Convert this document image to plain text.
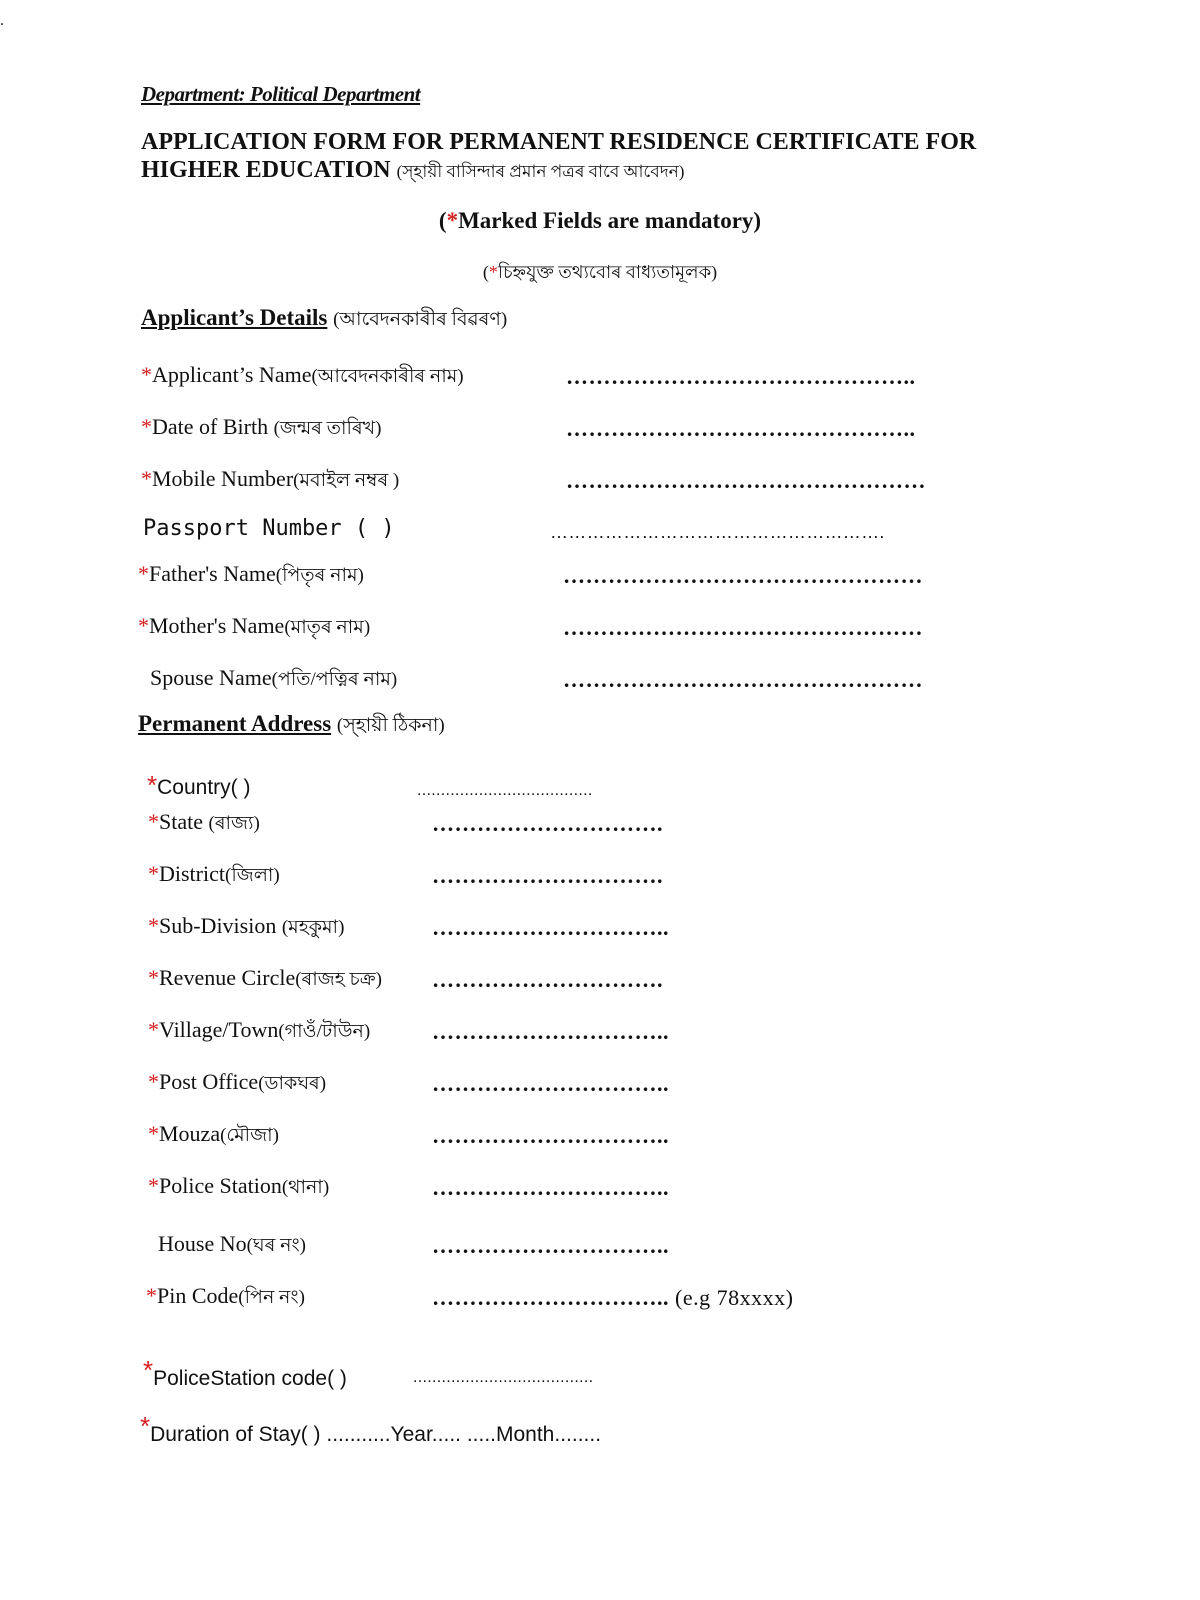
.
Department: Political Department
APPLICATION FORM FOR PERMANENT RESIDENCE CERTIFICATE FOR
HIGHER EDUCATION (স্হায়ী বাসিন্দাৰ প্ৰমান পত্ৰৰ বাবে আবেদন)
(*Marked Fields are mandatory)
(*চিহ্নযুক্ত তথ্যবোৰ বাধ্যতামূলক)
Applicant’s Details (আবেদনকাৰীৰ বিৱৰণ)
*Applicant’s Name(আবেদনকাৰীৰ নাম)	………………………………………..
*Date of Birth (জন্মৰ তাৰিখ)	………………………………………..
*Mobile Number(মবাইল নম্বৰ )	…………………………………………
Passport Number ( )	……………………………………………….
*Father's Name(পিতৃৰ নাম)	…………………………………………
*Mother's Name(মাতৃৰ নাম)	…………………………………………
Spouse Name(পতি/পত্নিৰ নাম)	…………………………………………
Permanent Address (স্হায়ী ঠিকনা)
*Country( )	.....................................
*State (ৰাজ্য)	………………………….
*District(জিলা)	………………………….
*Sub-Division (মহকুমা)	…………………………..
*Revenue Circle(ৰাজহ চক্ৰ) ………………………….
*Village/Town(গাওঁ/টাউন)	…………………………..
*Post Office(ডাকঘৰ)	…………………………..
*Mouza(মৌজা)	…………………………..
*Police Station(থানা)	…………………………..
House No(ঘৰ নং)	…………………………..
*Pin Code(পিন নং)	………………………….. (e.g 78xxxx)
*PoliceStation code( )	......................................
*Duration of Stay( ) ...........Year..... .....Month........
